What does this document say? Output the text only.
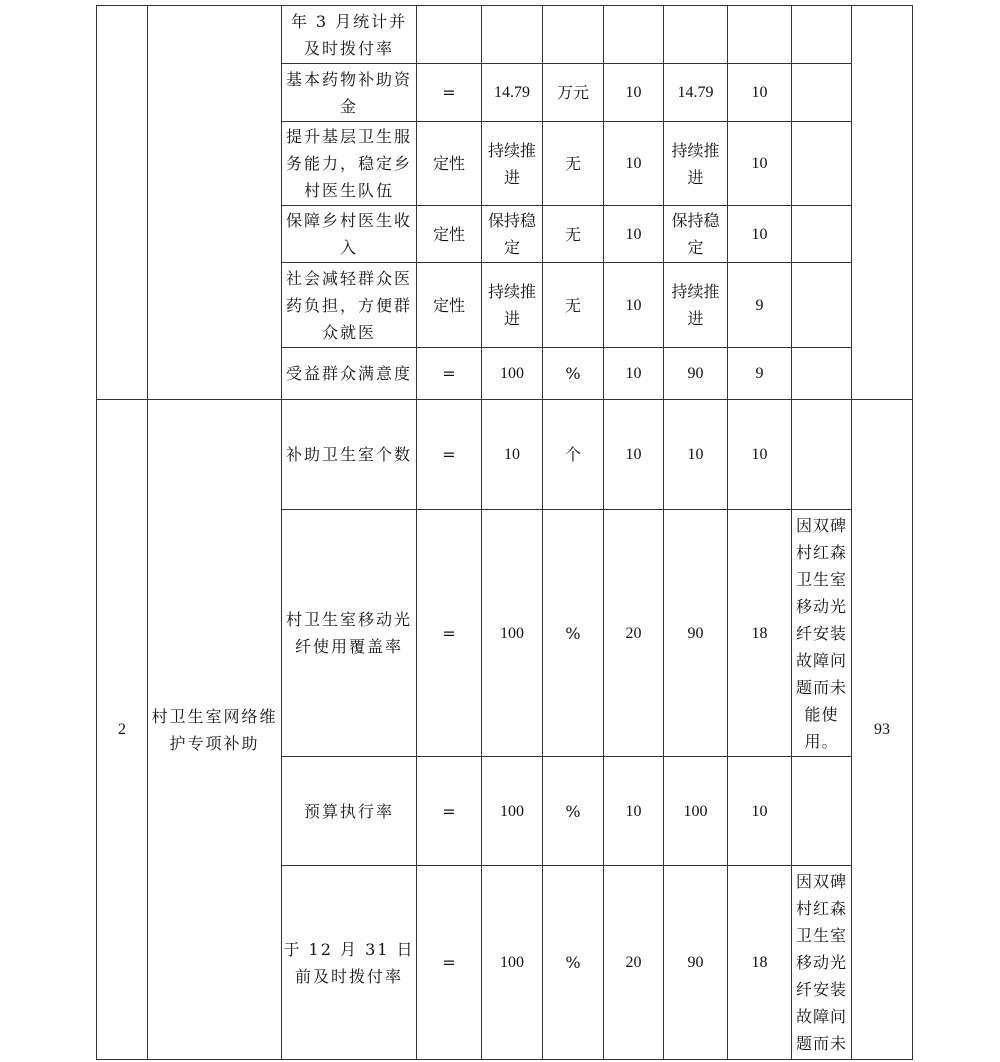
		年 3 月统计并及时拨付率								
		基本药物补助资金	=	14.79	万元	10	14.79	10		
		提升基层卫生服务能力，稳定乡村医生队伍	定性	持续推进	无	10	持续推进	10		
		保障乡村医生收入	定性	保持稳定	无	10	保持稳定	10		
		社会减轻群众医药负担，方便群众就医	定性	持续推进	无	10	持续推进	9		
		受益群众满意度	=	100	%	10	90	9		
2	村卫生室网络维护专项补助	补助卫生室个数	=	10	个	10	10	10		93
		村卫生室移动光纤使用覆盖率	=	100	%	20	90	18	因双碑村红森卫生室移动光纤安装故障问题而未能使用。	
		预算执行率	=	100	%	10	100	10		
		于 12 月 31 日前及时拨付率	=	100	%	20	90	18	因双碑村红森卫生室移动光纤安装故障问题而未	
